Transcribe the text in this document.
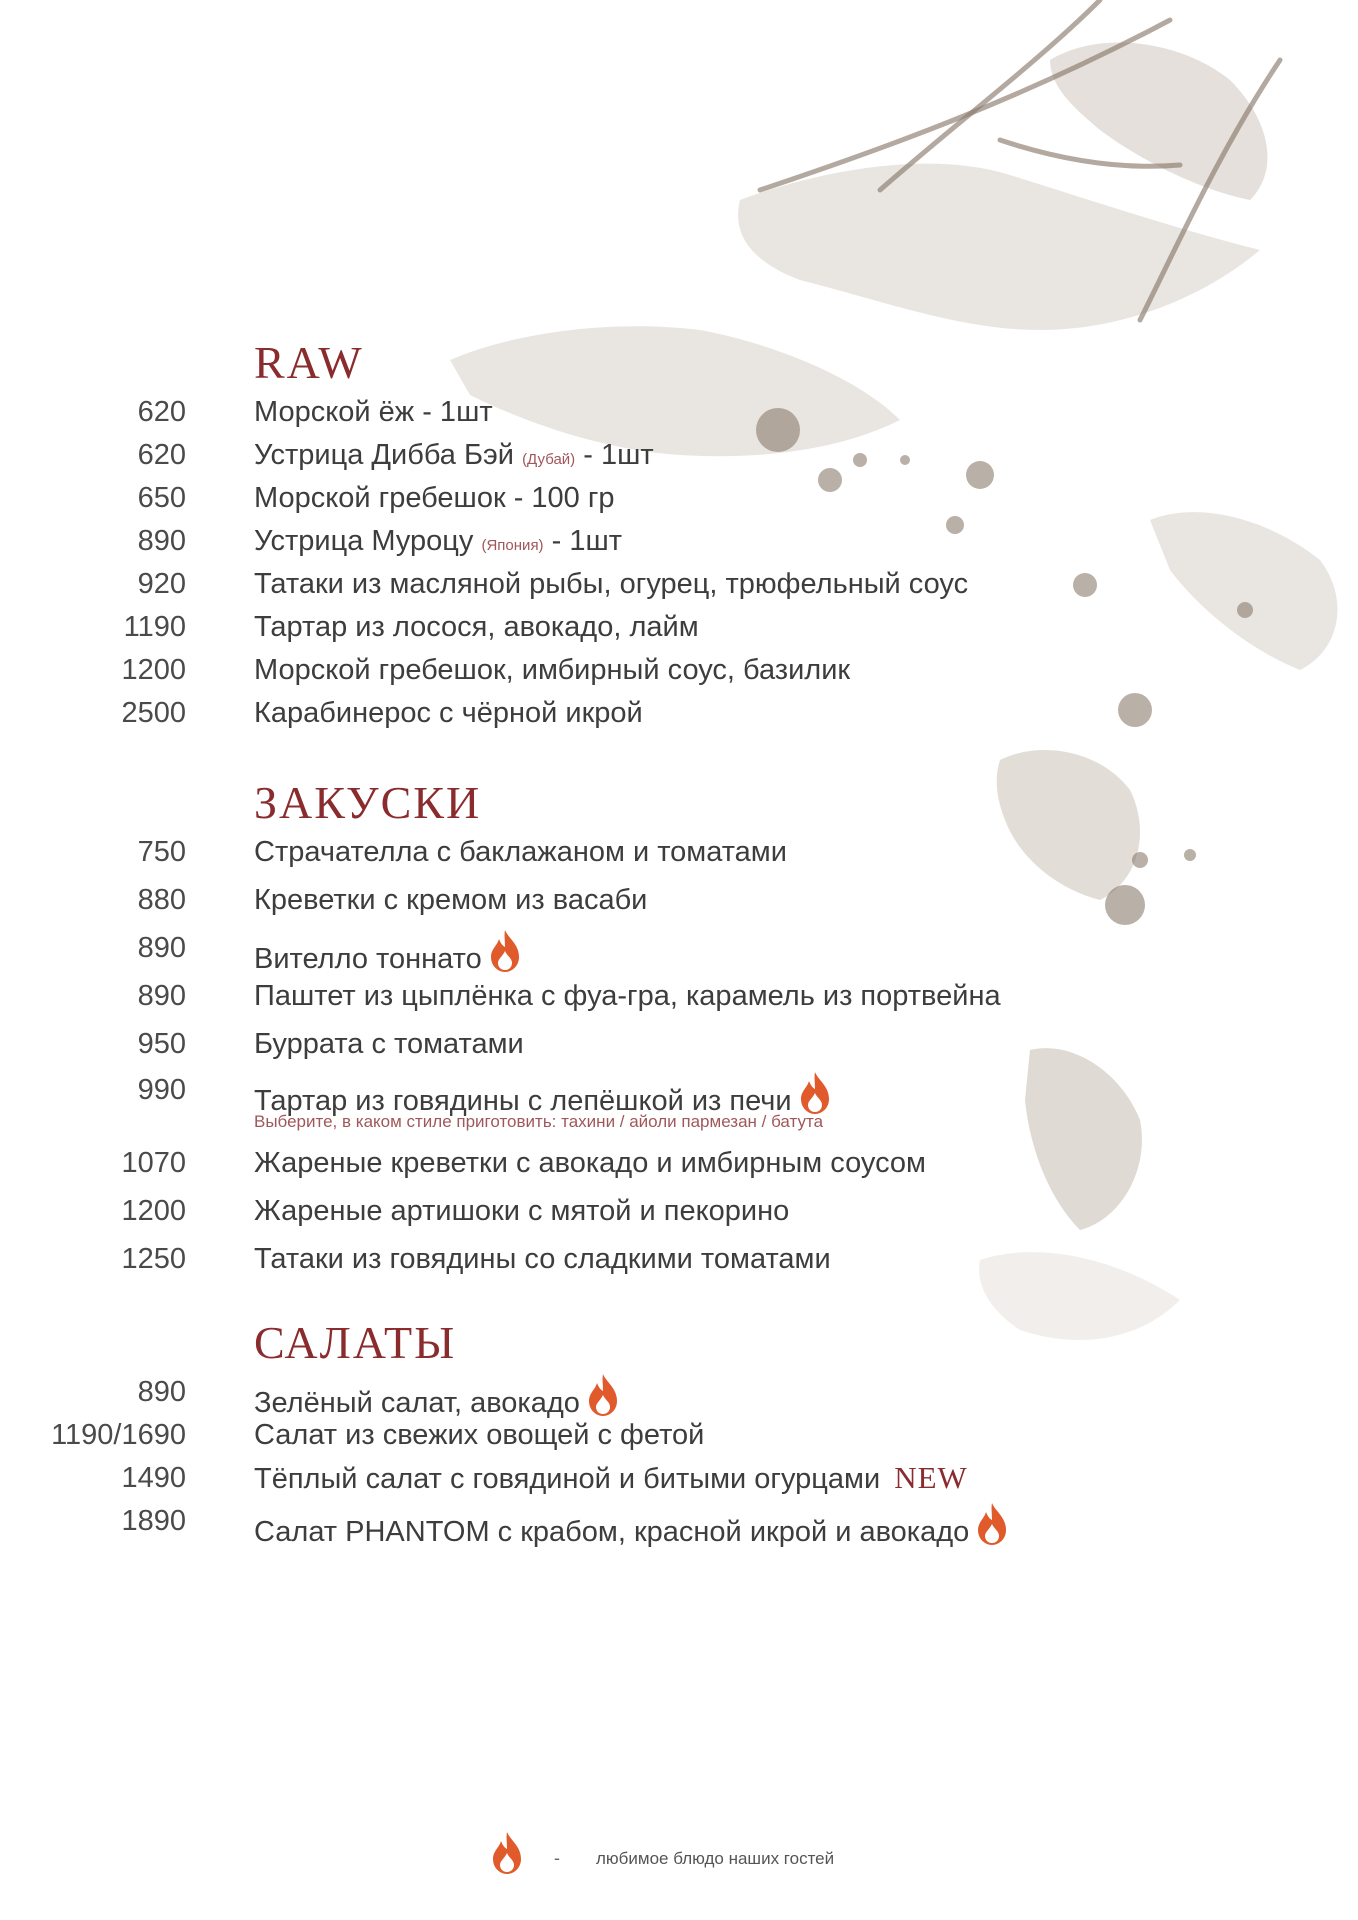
RAW
620 Морской ёж - 1шт
620 Устрица Дибба Бэй (Дубай) - 1шт
650 Морской гребешок - 100 гр
890 Устрица Муроцу (Япония) - 1шт
920 Татаки из масляной рыбы, огурец, трюфельный соус
1190 Тартар из лосося, авокадо, лайм
1200 Морской гребешок, имбирный соус, базилик
2500 Карабинерос с чёрной икрой
ЗАКУСКИ
750 Страчателла с баклажаном и томатами
880 Креветки с кремом из васаби
890 Вителло тоннато
890 Паштет из цыплёнка с фуа-гра, карамель из портвейна
950 Буррата с томатами
990 Тартар из говядины с лепёшкой из печи
Выберите, в каком стиле приготовить: тахини / айоли пармезан / батута
1070 Жареные креветки с авокадо и имбирным соусом
1200 Жареные артишоки с мятой и пекорино
1250 Татаки из говядины со сладкими томатами
САЛАТЫ
890 Зелёный салат, авокадо
1190/1690 Салат из свежих овощей с фетой
1490 Тёплый салат с говядиной и битыми огурцами NEW
1890 Салат PHANTOM с крабом, красной икрой и авокадо
- любимое блюдо наших гостей
